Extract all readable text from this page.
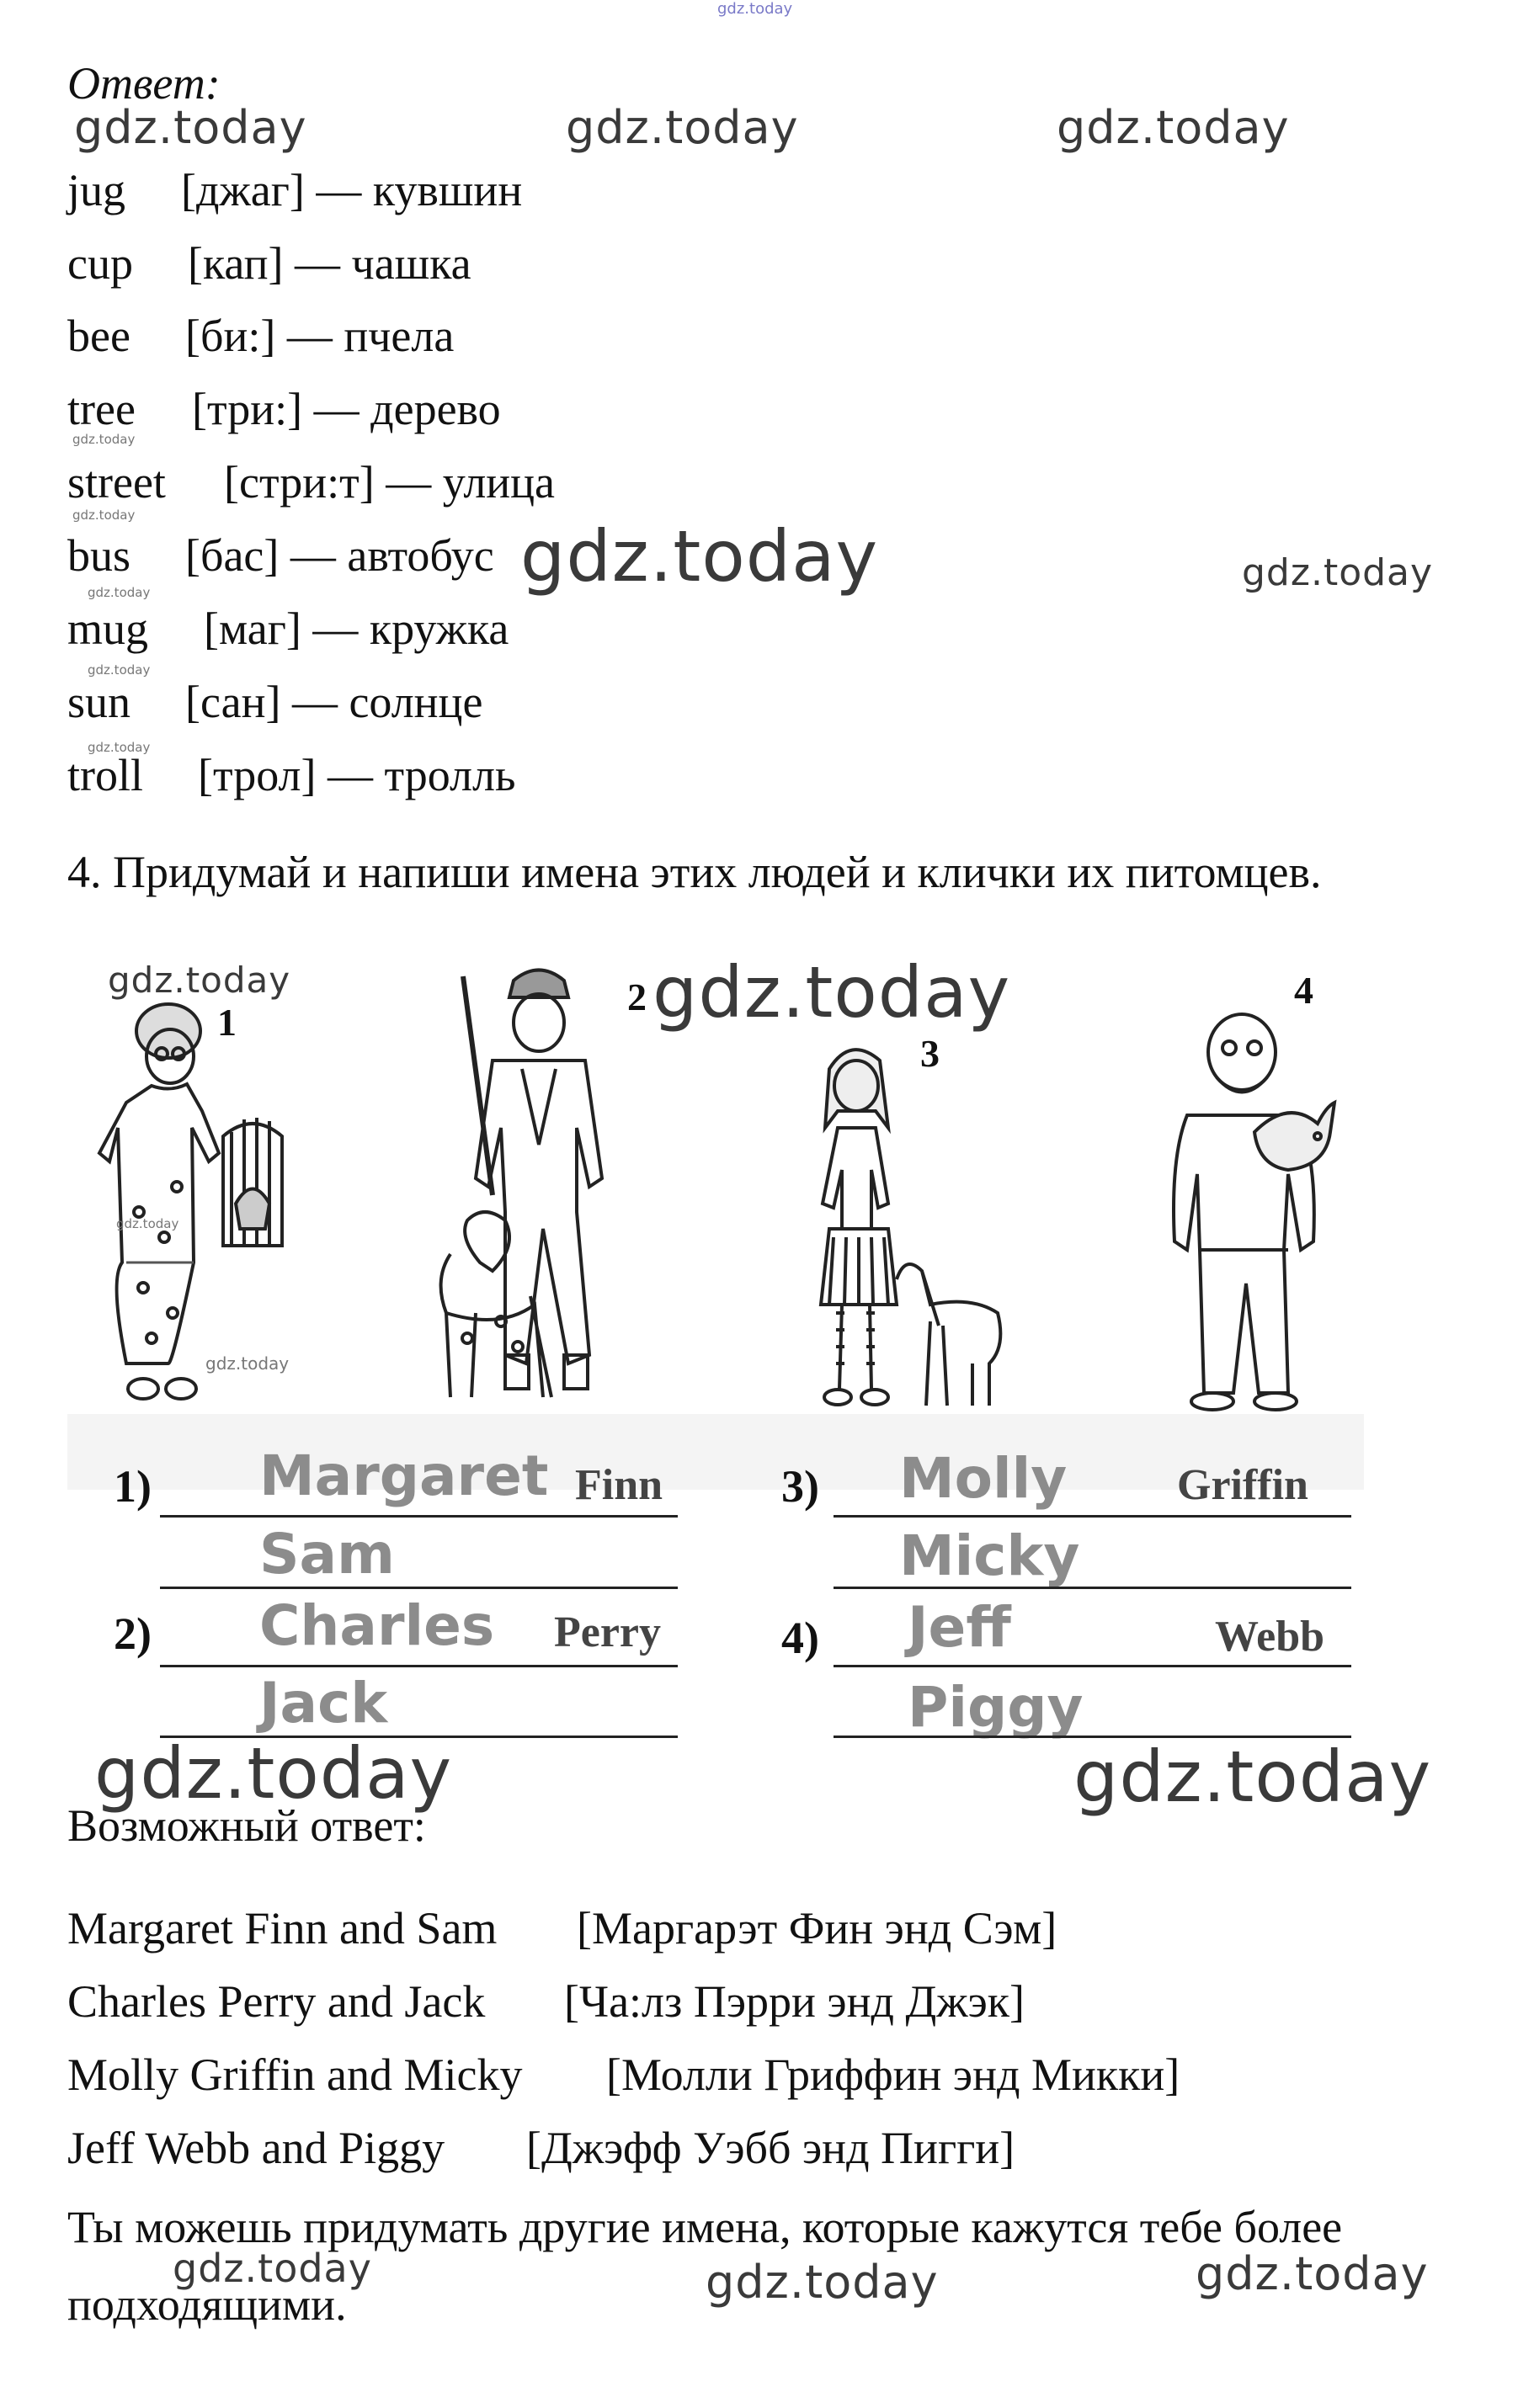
gdz.today
Ответ:
gdz.today	gdz.today	gdz.today
jug [джаг] — кувшин
cup [кап] — чашка
bee [би:] — пчела
tree [три:] — дерево
street [стри:т] — улица
bus [бас] — автобус
mug [маг] — кружка
sun [сан] — солнце
troll [трол] — тролль
gdz.today
gdz.today
gdz.today
gdz.today
gdz.today
gdz.today	gdz.today
4. Придумай и напиши имена этих людей и клички их питомцев.
gdz.today	gdz.today
1
2
3
4
gdz.today
gdz.today
1) Margaret Finn
Sam
2) Charles Perry
Jack
3) Molly	Griffin
Micky
4) Jeff	Webb
Piggy
gdz.today	gdz.today
Возможный ответ:
Margaret Finn and Sam [Маргарэт Фин энд Сэм]
Charles Perry and Jack [Ча:лз Пэрри энд Джэк]
Molly Griffin and Micky [Молли Гриффин энд Микки]
Jeff Webb and Piggy [Джэфф Уэбб энд Пигги]
Ты можешь придумать другие имена, которые кажутся тебе более подходящими.
gdz.today	gdz.today	gdz.today
